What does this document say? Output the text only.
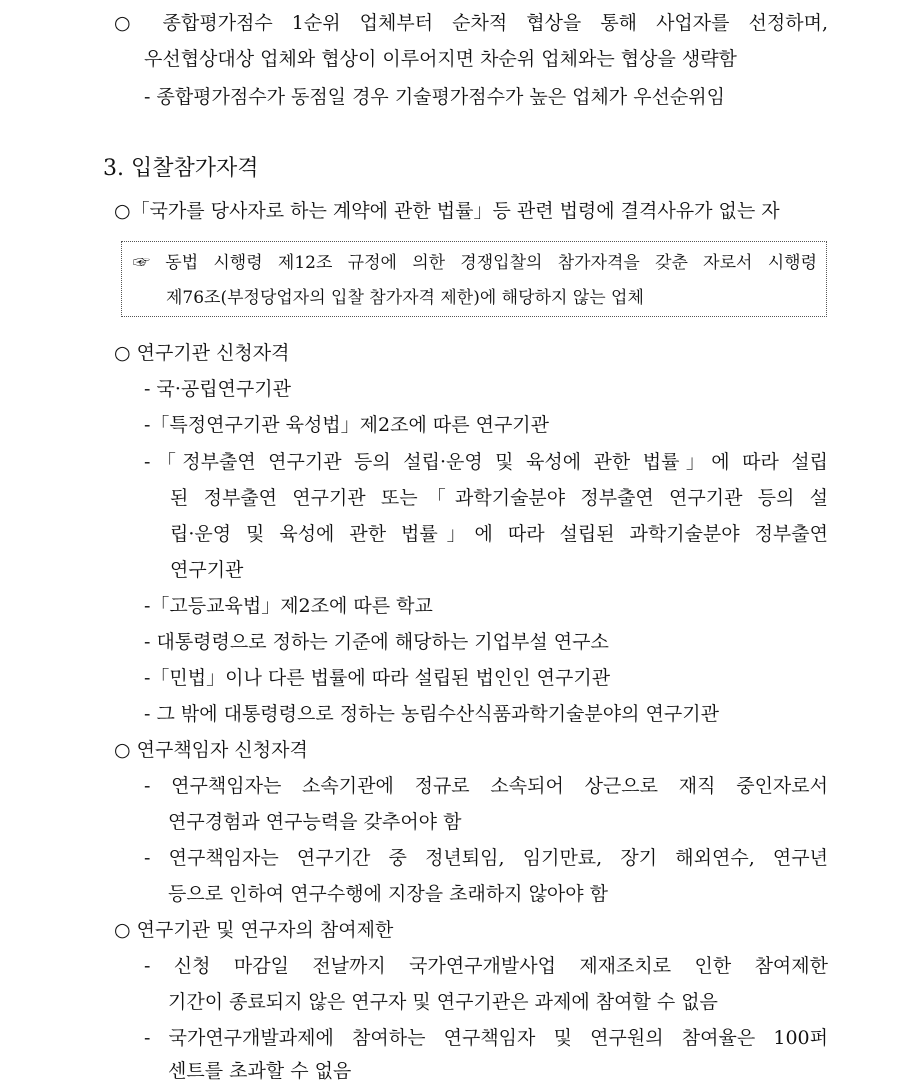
○ 종합평가점수 1순위 업체부터 순차적 협상을 통해 사업자를 선정하며,
우선협상대상 업체와 협상이 이루어지면 차순위 업체와는 협상을 생략함
- 종합평가점수가 동점일 경우 기술평가점수가 높은 업체가 우선순위임
3. 입찰참가자격
○「국가를 당사자로 하는 계약에 관한 법률」등 관련 법령에 결격사유가 없는 자
☞ 동법 시행령 제12조 규정에 의한 경쟁입찰의 참가자격을 갖춘 자로서 시행령
제76조(부정당업자의 입찰 참가자격 제한)에 해당하지 않는 업체
○ 연구기관 신청자격
- 국·공립연구기관
-「특정연구기관 육성법」제2조에 따른 연구기관
-「정부출연 연구기관 등의 설립·운영 및 육성에 관한 법률」에 따라 설립
된 정부출연 연구기관 또는「과학기술분야 정부출연 연구기관 등의 설
립·운영 및 육성에 관한 법률」에 따라 설립된 과학기술분야 정부출연
연구기관
-「고등교육법」제2조에 따른 학교
- 대통령령으로 정하는 기준에 해당하는 기업부설 연구소
-「민법」이나 다른 법률에 따라 설립된 법인인 연구기관
- 그 밖에 대통령령으로 정하는 농림수산식품과학기술분야의 연구기관
○ 연구책임자 신청자격
- 연구책임자는 소속기관에 정규로 소속되어 상근으로 재직 중인자로서
연구경험과 연구능력을 갖추어야 함
- 연구책임자는 연구기간 중 정년퇴임, 임기만료, 장기 해외연수, 연구년
등으로 인하여 연구수행에 지장을 초래하지 않아야 함
○ 연구기관 및 연구자의 참여제한
- 신청 마감일 전날까지 국가연구개발사업 제재조치로 인한 참여제한
기간이 종료되지 않은 연구자 및 연구기관은 과제에 참여할 수 없음
- 국가연구개발과제에 참여하는 연구책임자 및 연구원의 참여율은 100퍼
센트를 초과할 수 없음
